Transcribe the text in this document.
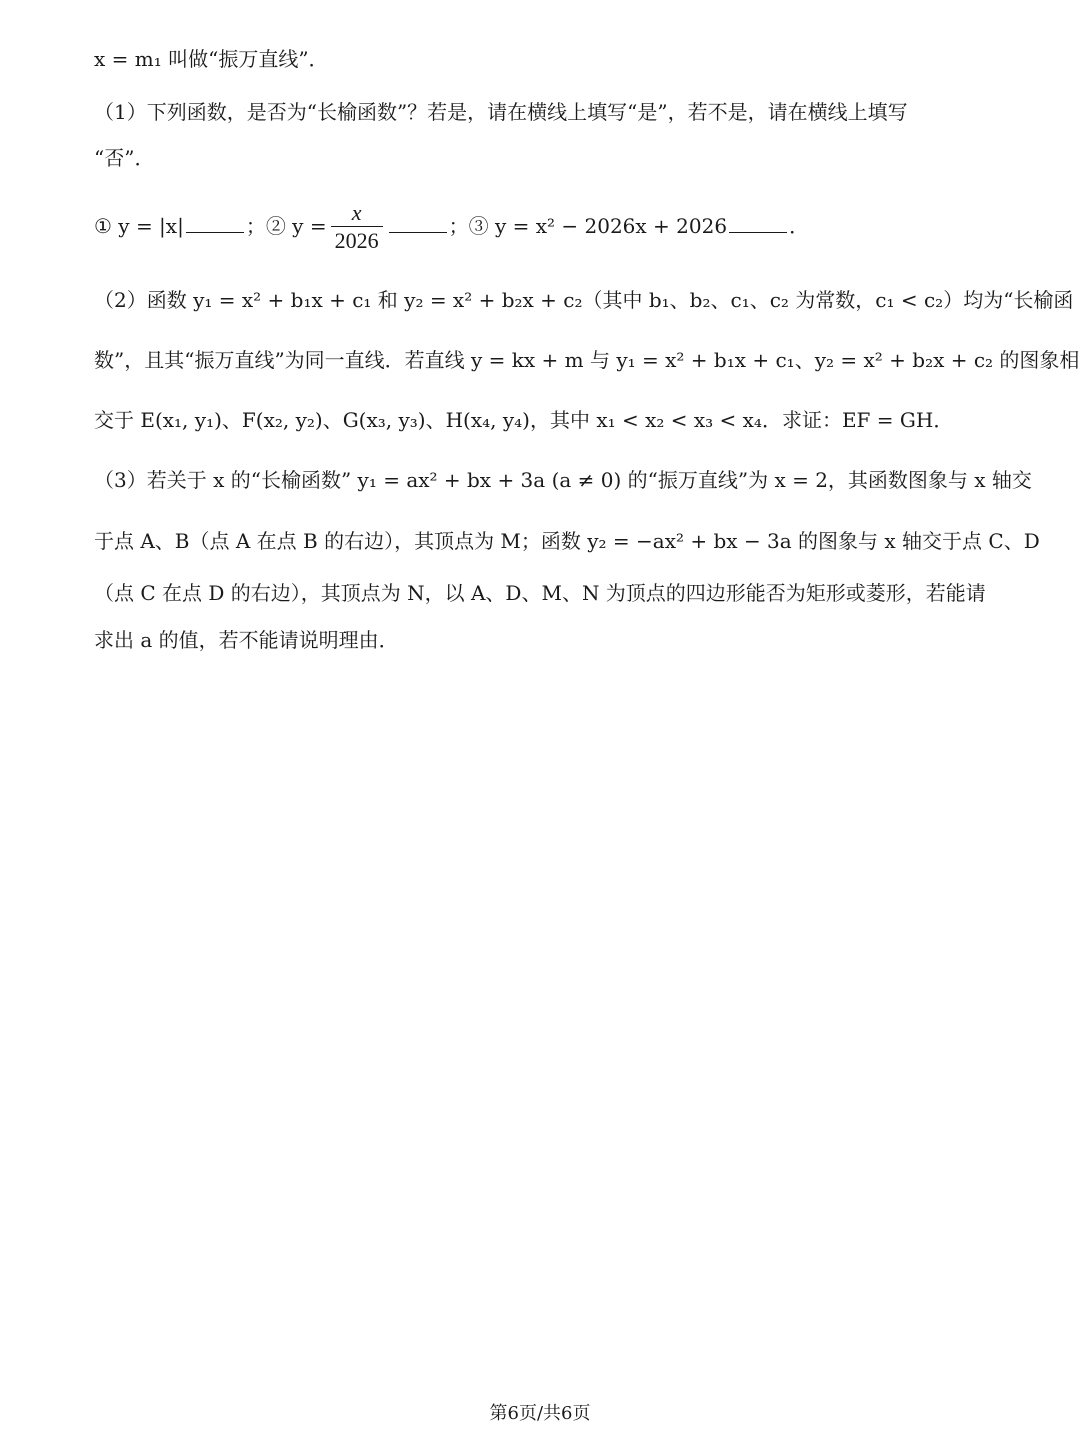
x = m₁ 叫做“振万直线”．
（1）下列函数，是否为“长榆函数”？若是，请在横线上填写“是”，若不是，请在横线上填写
“否”．
① y = |x|	；② $y = \frac{x}{2026}$	；③ y = x² − 2026x + 2026	．
（2）函数 y₁ = x² + b₁x + c₁ 和 y₂ = x² + b₂x + c₂（其中 b₁、b₂、c₁、c₂ 为常数，c₁ < c₂）均为“长榆函
数”，且其“振万直线”为同一直线．若直线 y = kx + m 与 y₁ = x² + b₁x + c₁、y₂ = x² + b₂x + c₂ 的图象相
交于 E(x₁, y₁)、F(x₂, y₂)、G(x₃, y₃)、H(x₄, y₄)，其中 x₁ < x₂ < x₃ < x₄．求证：EF = GH．
（3）若关于 x 的“长榆函数” y₁ = ax² + bx + 3a (a ≠ 0) 的“振万直线”为 x = 2，其函数图象与 x 轴交
于点 A、B（点 A 在点 B 的右边），其顶点为 M；函数 y₂ = −ax² + bx − 3a 的图象与 x 轴交于点 C、D
（点 C 在点 D 的右边），其顶点为 N，以 A、D、M、N 为顶点的四边形能否为矩形或菱形，若能请
求出 a 的值，若不能请说明理由．
第6页/共6页
